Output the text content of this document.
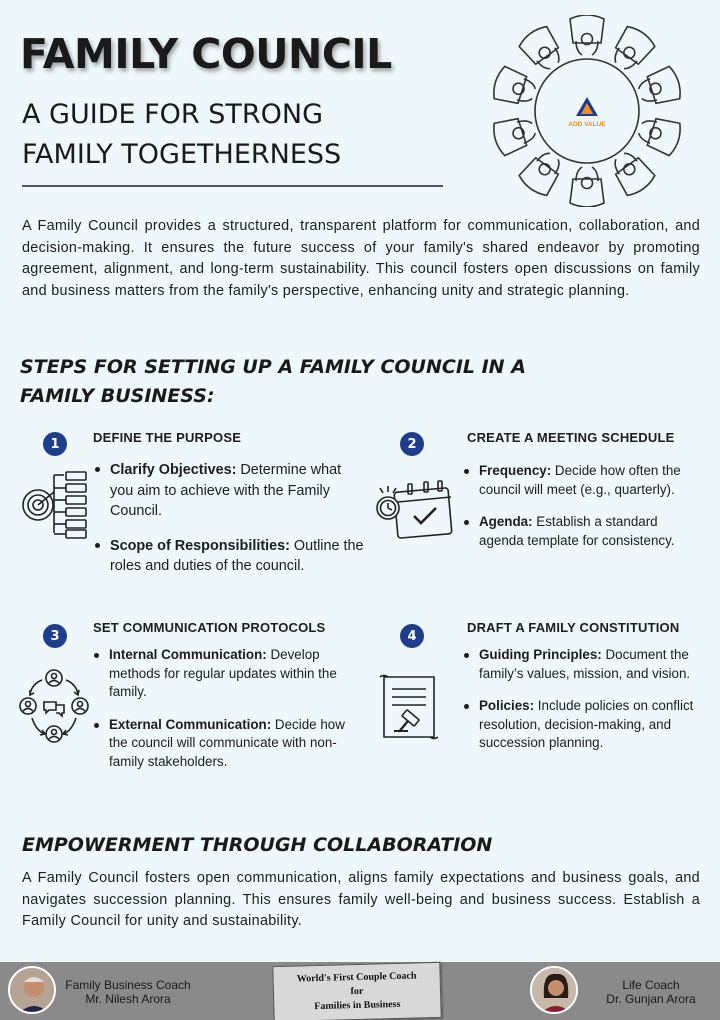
FAMILY COUNCIL
A GUIDE FOR STRONG
FAMILY TOGETHERNESS
ADD VALUE

A Family Council provides a structured, transparent platform for communication, collaboration, and decision-making. It ensures the future success of your family's shared endeavor by promoting agreement, alignment, and long-term sustainability. This council fosters open discussions on family and business matters from the family's perspective, enhancing unity and strategic planning.

STEPS FOR SETTING UP A FAMILY COUNCIL IN A
FAMILY BUSINESS:
1	DEFINE THE PURPOSE
Clarify Objectives: Determine what you aim to achieve with the Family Council.
Scope of Responsibilities: Outline the roles and duties of the council.
2	CREATE A MEETING SCHEDULE
Frequency: Decide how often the council will meet (e.g., quarterly).
Agenda: Establish a standard agenda template for consistency.
3
SET COMMUNICATION PROTOCOLS
Internal Communication: Develop methods for regular updates within the family.
External Communication: Decide how the council will communicate with non-family stakeholders.
4
DRAFT A FAMILY CONSTITUTION
Guiding Principles: Document the family’s values, mission, and vision.
Policies: Include policies on conflict resolution, decision-making, and succession planning.
EMPOWERMENT THROUGH COLLABORATION

A Family Council fosters open communication, aligns family expectations and business goals, and navigates succession planning. This ensures family well-being and business success. Establish a Family Council for unity and sustainability.

Family Business Coach
Mr. Nilesh Arora
World's First Couple Coach
for
Families in Business
Life Coach
Dr. Gunjan Arora
